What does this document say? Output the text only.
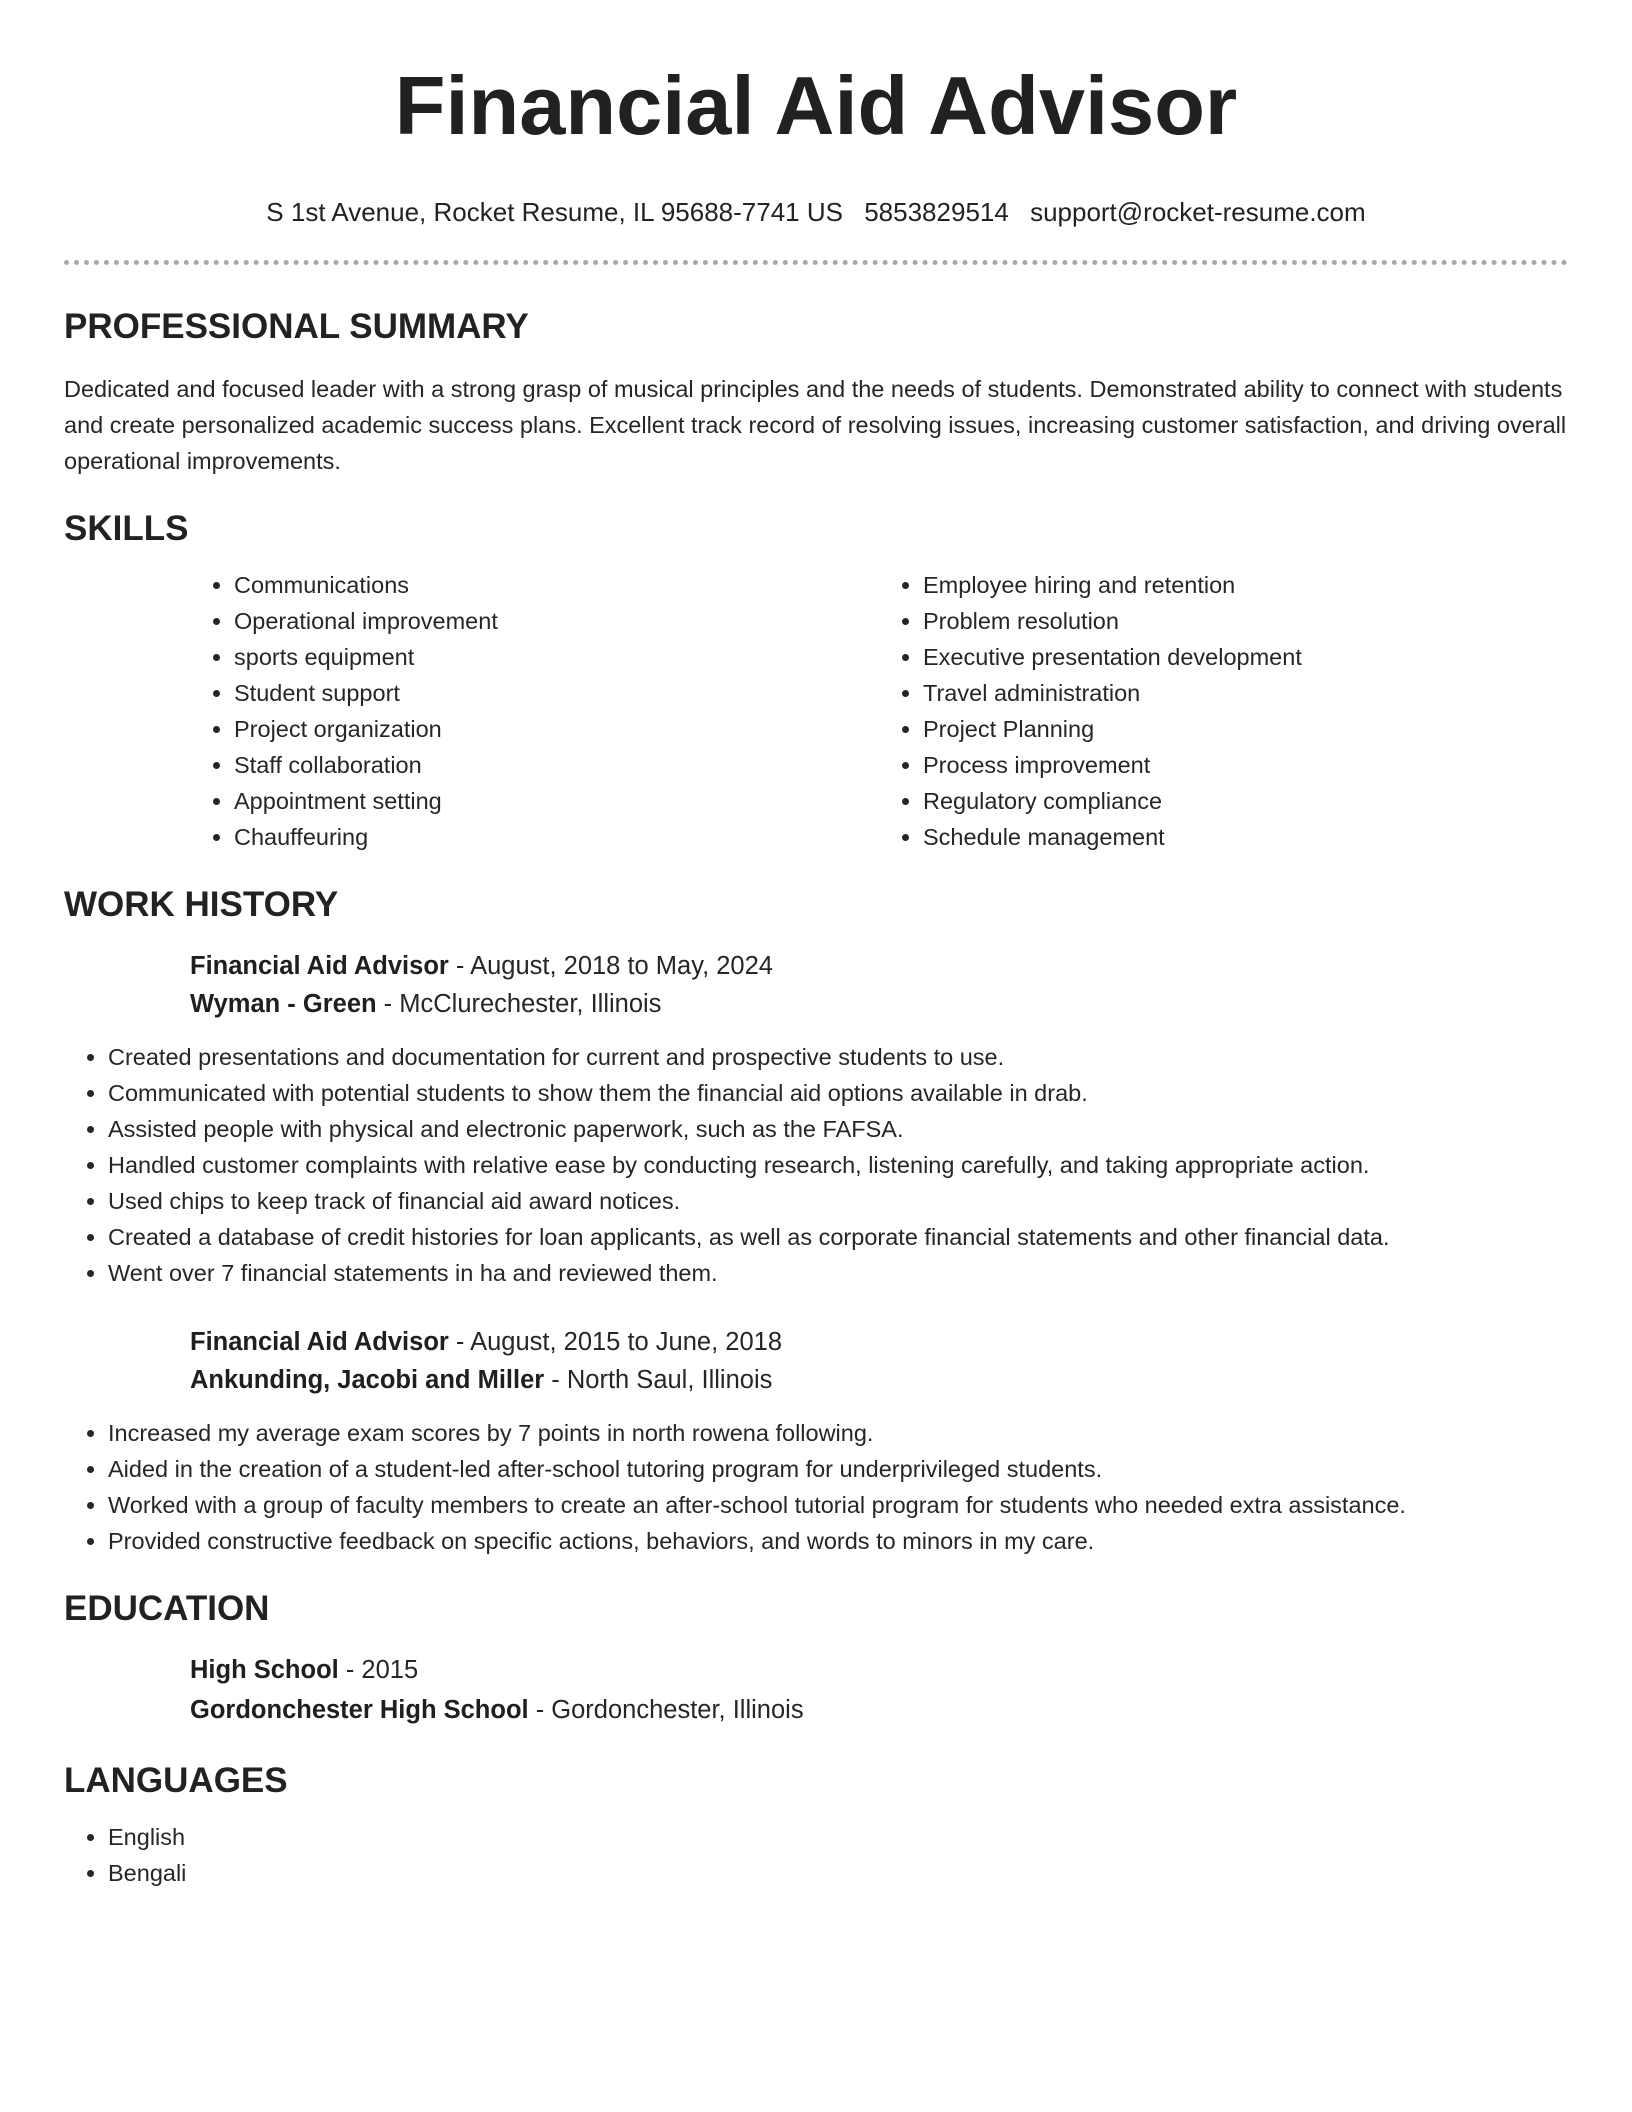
Financial Aid Advisor
S 1st Avenue, Rocket Resume, IL 95688-7741 US 5853829514 support@rocket-resume.com
PROFESSIONAL SUMMARY

Dedicated and focused leader with a strong grasp of musical principles and the needs of students. Demonstrated ability to connect with students and create personalized academic success plans. Excellent track record of resolving issues, increasing customer satisfaction, and driving overall operational improvements.

SKILLS
• Communications
• Operational improvement
• sports equipment
• Student support
• Project organization
• Staff collaboration
• Appointment setting
• Chauffeuring
• Employee hiring and retention
• Problem resolution
• Executive presentation development
• Travel administration
• Project Planning
• Process improvement
• Regulatory compliance
• Schedule management
WORK HISTORY
Financial Aid Advisor - August, 2018 to May, 2024
Wyman - Green - McClurechester, Illinois
• Created presentations and documentation for current and prospective students to use.
• Communicated with potential students to show them the financial aid options available in drab.
• Assisted people with physical and electronic paperwork, such as the FAFSA.
• Handled customer complaints with relative ease by conducting research, listening carefully, and taking appropriate action.
• Used chips to keep track of financial aid award notices.
• Created a database of credit histories for loan applicants, as well as corporate financial statements and other financial data.
• Went over 7 financial statements in ha and reviewed them.
Financial Aid Advisor - August, 2015 to June, 2018
Ankunding, Jacobi and Miller - North Saul, Illinois
• Increased my average exam scores by 7 points in north rowena following.
• Aided in the creation of a student-led after-school tutoring program for underprivileged students.
• Worked with a group of faculty members to create an after-school tutorial program for students who needed extra assistance.
• Provided constructive feedback on specific actions, behaviors, and words to minors in my care.
EDUCATION
High School - 2015
Gordonchester High School - Gordonchester, Illinois
LANGUAGES
• English
• Bengali
